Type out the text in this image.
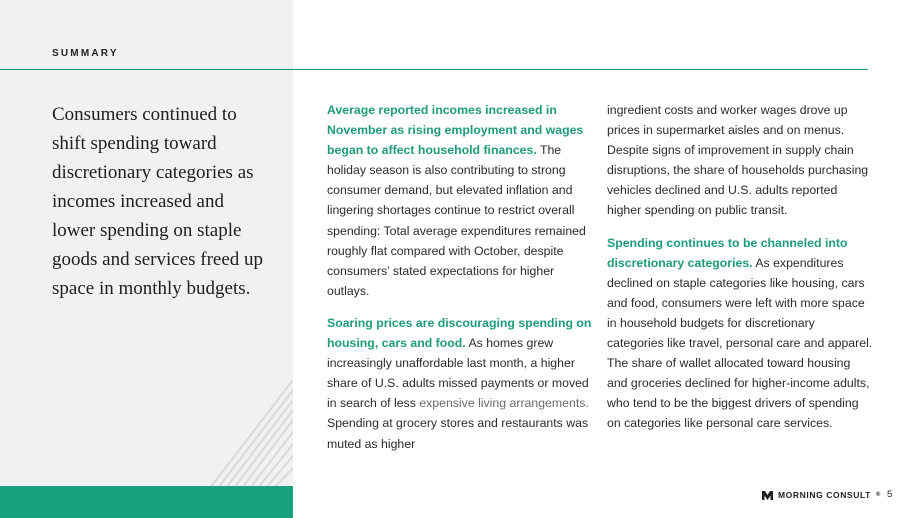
SUMMARY
Consumers continued to shift spending toward discretionary categories as incomes increased and lower spending on staple goods and services freed up space in monthly budgets.

Average reported incomes increased in November as rising employment and wages began to affect household finances. The holiday season is also contributing to strong consumer demand, but elevated inflation and lingering shortages continue to restrict overall spending: Total average expenditures remained roughly flat compared with October, despite consumers’ stated expectations for higher outlays.

Soaring prices are discouraging spending on housing, cars and food. As homes grew increasingly unaffordable last month, a higher share of U.S. adults missed payments or moved in search of less expensive living arrangements. Spending at grocery stores and restaurants was muted as higher

ingredient costs and worker wages drove up prices in supermarket aisles and on menus. Despite signs of improvement in supply chain disruptions, the share of households purchasing vehicles declined and U.S. adults reported higher spending on public transit.

Spending continues to be channeled into discretionary categories. As expenditures declined on staple categories like housing, cars and food, consumers were left with more space in household budgets for discretionary categories like travel, personal care and apparel. The share of wallet allocated toward housing and groceries declined for higher-income adults, who tend to be the biggest drivers of spending on categories like personal care services.

MORNING CONSULT ® 5
